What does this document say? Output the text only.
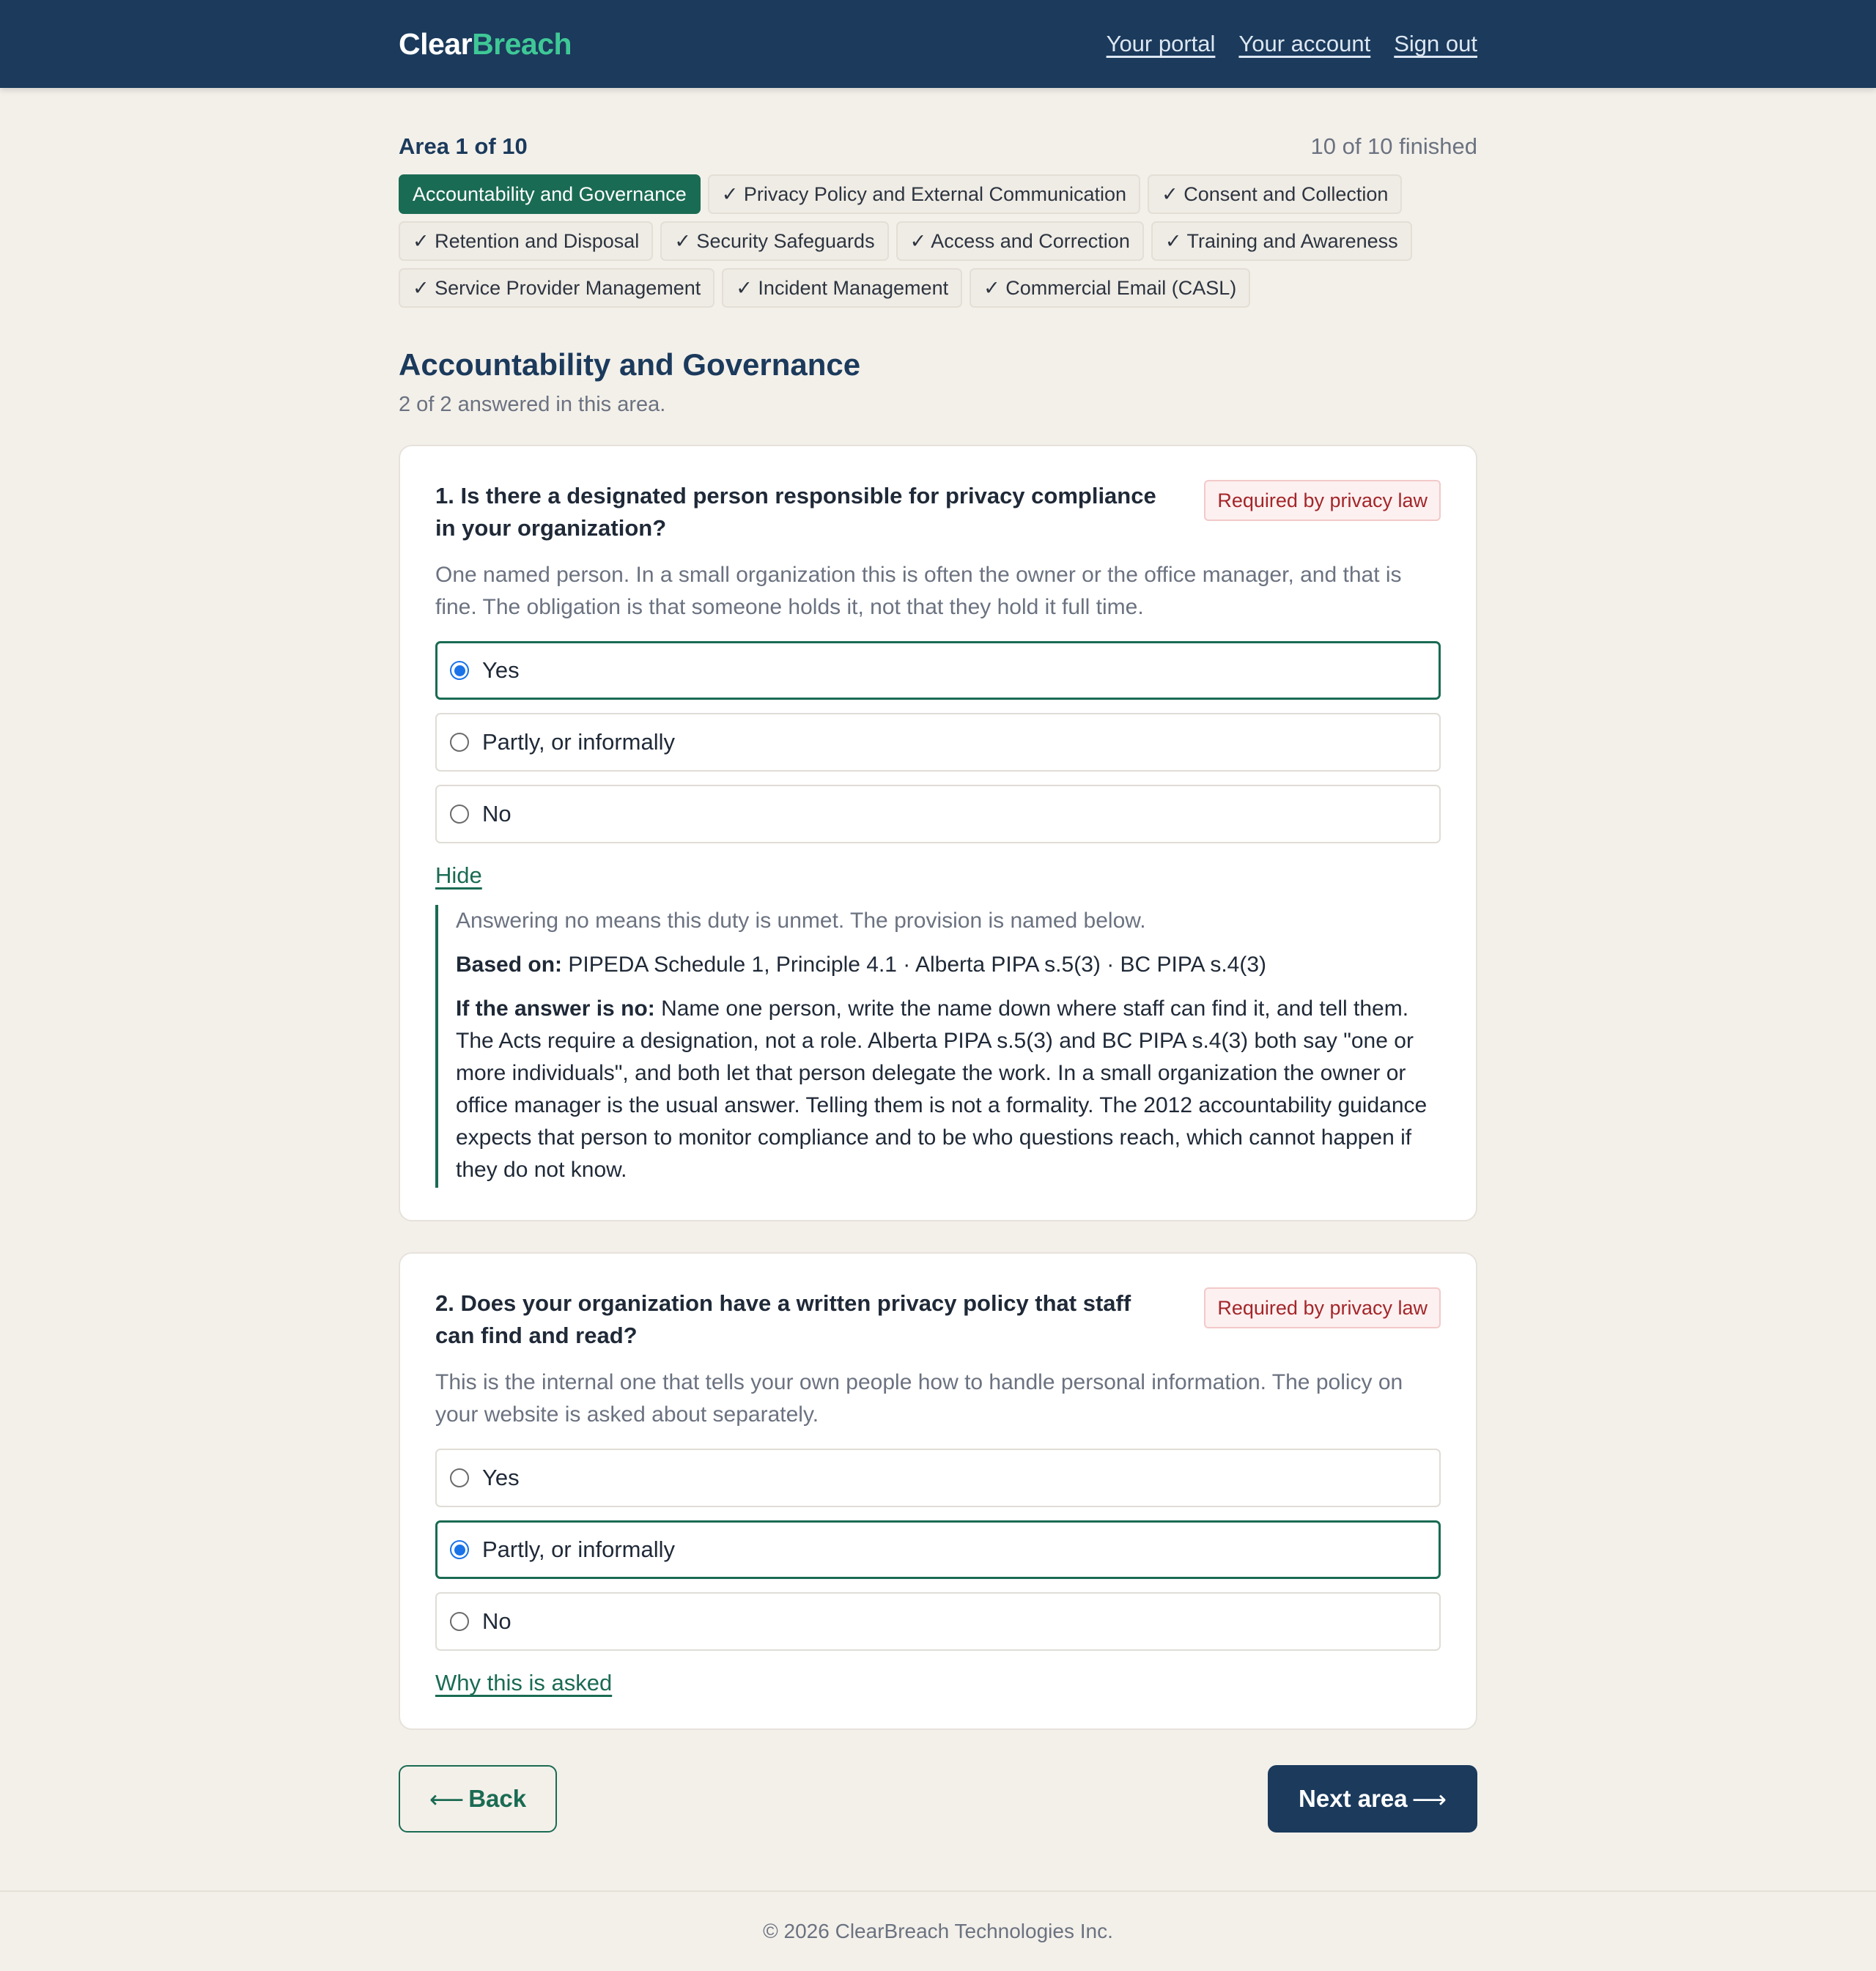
ClearBreach	Your portal Your account Sign out
Area 1 of 10	10 of 10 finished
Accountability and Governance	✓ Privacy Policy and External Communication	✓ Consent and Collection
✓ Retention and Disposal	✓ Security Safeguards	✓ Access and Correction	✓ Training and Awareness
✓ Service Provider Management	✓ Incident Management	✓ Commercial Email (CASL)
Accountability and Governance
2 of 2 answered in this area.
1. Is there a designated person responsible for privacy compliance in your organization?
Required by privacy law
One named person. In a small organization this is often the owner or the office manager, and that is fine. The obligation is that someone holds it, not that they hold it full time.
Yes
Partly, or informally
No
Hide

Answering no means this duty is unmet. The provision is named below.

Based on: PIPEDA Schedule 1, Principle 4.1 · Alberta PIPA s.5(3) · BC PIPA s.4(3)

If the answer is no: Name one person, write the name down where staff can find it, and tell them. The Acts require a designation, not a role. Alberta PIPA s.5(3) and BC PIPA s.4(3) both say "one or more individuals", and both let that person delegate the work. In a small organization the owner or office manager is the usual answer. Telling them is not a formality. The 2012 accountability guidance expects that person to monitor compliance and to be who questions reach, which cannot happen if they do not know.

2. Does your organization have a written privacy policy that staff can find and read?
Required by privacy law
This is the internal one that tells your own people how to handle personal information. The policy on your website is asked about separately.
Yes
Partly, or informally
No
Why this is asked
⟵ Back	Next area ⟶
© 2026 ClearBreach Technologies Inc.
